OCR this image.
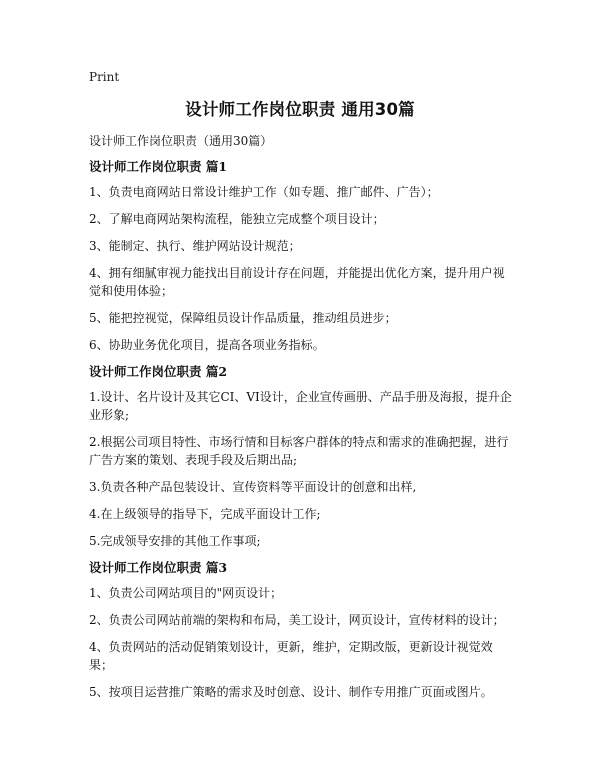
Print
设计师工作岗位职责 通用30篇

设计师工作岗位职责（通用30篇）

设计师工作岗位职责 篇1

1、负责电商网站日常设计维护工作（如专题、推广邮件、广告）；

2、了解电商网站架构流程，能独立完成整个项目设计；

3、能制定、执行、维护网站设计规范；

4、拥有细腻审视力能找出目前设计存在问题，并能提出优化方案，提升用户视觉和使用体验；

5、能把控视觉，保障组员设计作品质量，推动组员进步；

6、协助业务优化项目，提高各项业务指标。

设计师工作岗位职责 篇2

1.设计、名片设计及其它CI、VI设计，企业宣传画册、产品手册及海报，提升企业形象;

2.根据公司项目特性、市场行情和目标客户群体的特点和需求的准确把握，进行广告方案的策划、表现手段及后期出品;

3.负责各种产品包装设计、宣传资料等平面设计的创意和出样,

4.在上级领导的指导下，完成平面设计工作;

5.完成领导安排的其他工作事项;

设计师工作岗位职责 篇3

1、负责公司网站项目的"网页设计；

2、负责公司网站前端的架构和布局，美工设计，网页设计，宣传材料的设计；

4、负责网站的活动促销策划设计，更新，维护，定期改版，更新设计视觉效果；

5、按项目运营推广策略的需求及时创意、设计、制作专用推广页面或图片。
